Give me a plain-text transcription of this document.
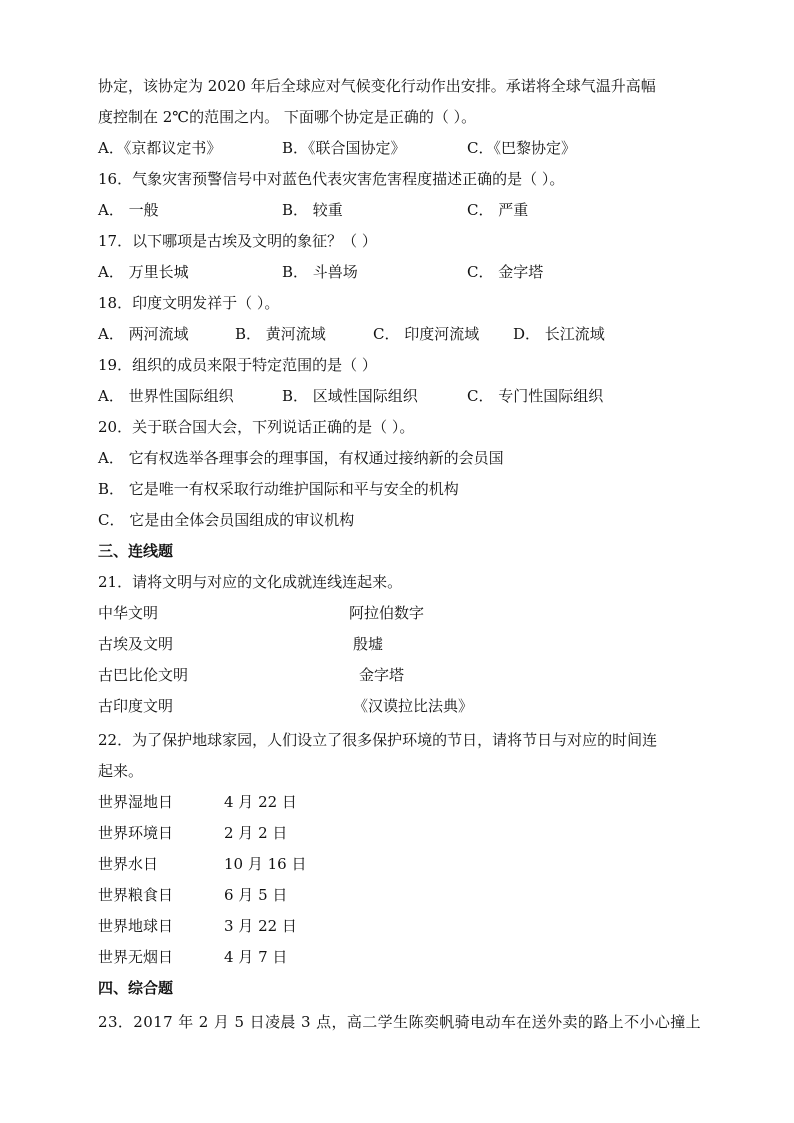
协定，该协定为 2020 年后全球应对气候变化行动作出安排。承诺将全球气温升高幅
度控制在 2℃的范围之内。 下面哪个协定是正确的（ ）。
A．《京都议定书》	B．《联合国协定》	C．《巴黎协定》
16．气象灾害预警信号中对蓝色代表灾害危害程度描述正确的是（ ）。
A． 一般	B． 较重	C． 严重
17．以下哪项是古埃及文明的象征？（ ）
A． 万里长城	B． 斗兽场	C． 金字塔
18．印度文明发祥于（ ）。
A． 两河流域	B． 黄河流域	C． 印度河流域 D． 长江流域
19．组织的成员来限于特定范围的是（ ）
A． 世界性国际组织	B． 区域性国际组织	C． 专门性国际组织
20．关于联合国大会，下列说话正确的是（ ）。
A． 它有权选举各理事会的理事国，有权通过接纳新的会员国
B． 它是唯一有权采取行动维护国际和平与安全的机构
C． 它是由全体会员国组成的审议机构
三、连线题
21．请将文明与对应的文化成就连线连起来。
中华文明	阿拉伯数字
古埃及文明	殷墟
古巴比伦文明	金字塔
古印度文明	《汉谟拉比法典》
22．为了保护地球家园，人们设立了很多保护环境的节日，请将节日与对应的时间连
起来。
世界湿地日	4 月 22 日
世界环境日	2 月 2 日
世界水日	10 月 16 日
世界粮食日	6 月 5 日
世界地球日	3 月 22 日
世界无烟日	4 月 7 日
四、综合题
23．2017 年 2 月 5 日凌晨 3 点，高二学生陈奕帆骑电动车在送外卖的路上不小心撞上
